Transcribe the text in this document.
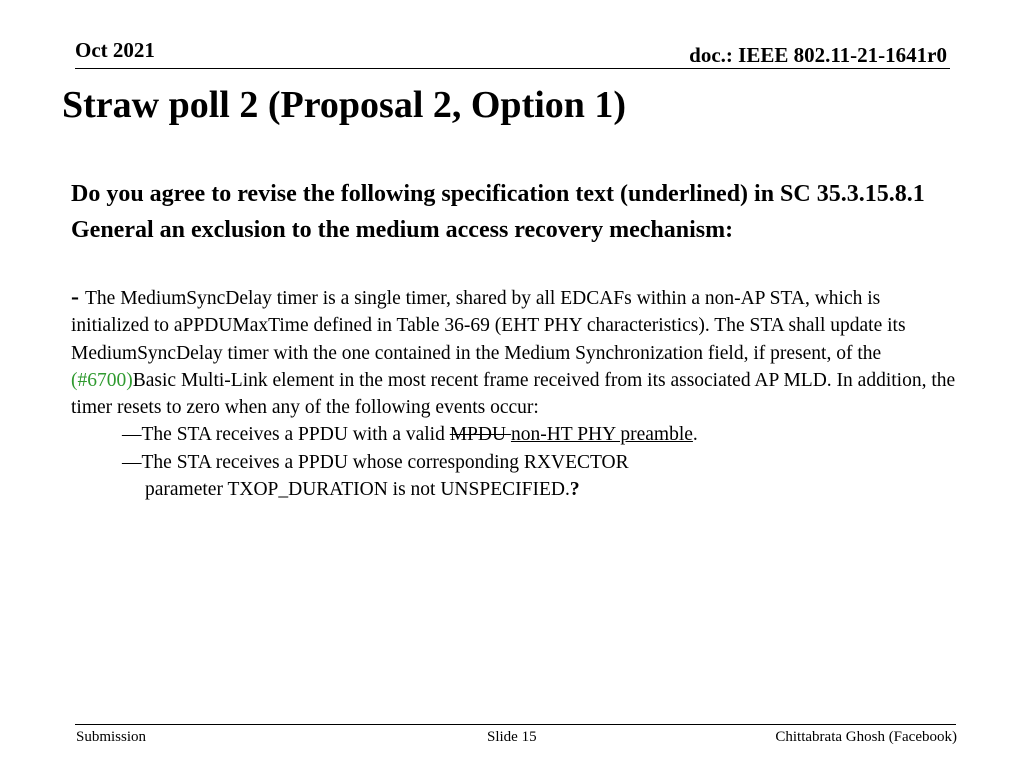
Oct 2021	doc.: IEEE 802.11-21-1641r0
Straw poll 2 (Proposal 2, Option 1)

Do you agree to revise the following specification text (underlined) in SC 35.3.15.8.1 General an exclusion to the medium access recovery mechanism:

- The MediumSyncDelay timer is a single timer, shared by all EDCAFs within a non-AP STA, which is initialized to aPPDUMaxTime defined in Table 36-69 (EHT PHY characteristics). The STA shall update its MediumSyncDelay timer with the one contained in the Medium Synchronization field, if present, of the (#6700)Basic Multi-Link element in the most recent frame received from its associated AP MLD. In addition, the timer resets to zero when any of the following events occur:
—The STA receives a PPDU with a valid MPDU non-HT PHY preamble.
—The STA receives a PPDU whose corresponding RXVECTOR
parameter TXOP_DURATION is not UNSPECIFIED.?
Submission	Slide 15	Chittabrata Ghosh (Facebook)
